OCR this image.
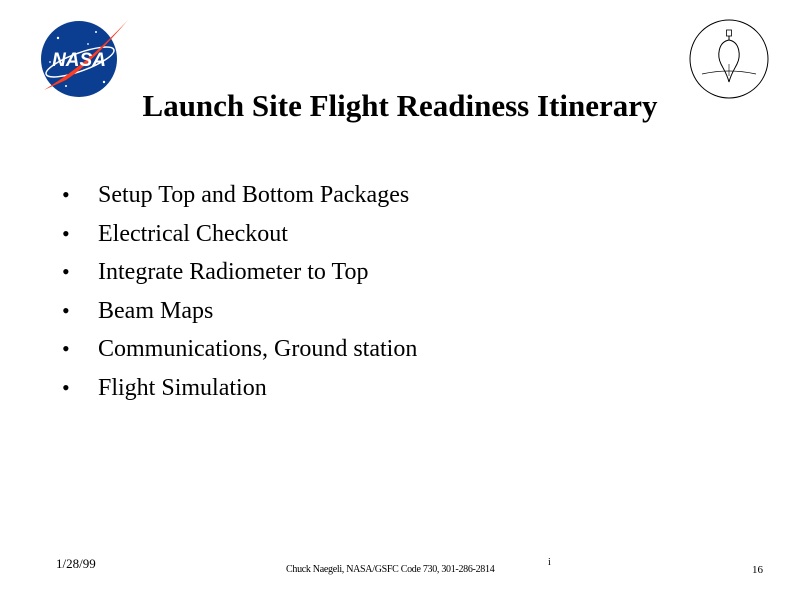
NASA
Launch Site Flight Readiness Itinerary
• Setup Top and Bottom Packages
• Electrical Checkout
• Integrate Radiometer to Top
• Beam Maps
• Communications, Ground station
• Flight Simulation
1/28/99	Chuck Naegeli, NASA/GSFC Code 730, 301-286-2814
i
16
